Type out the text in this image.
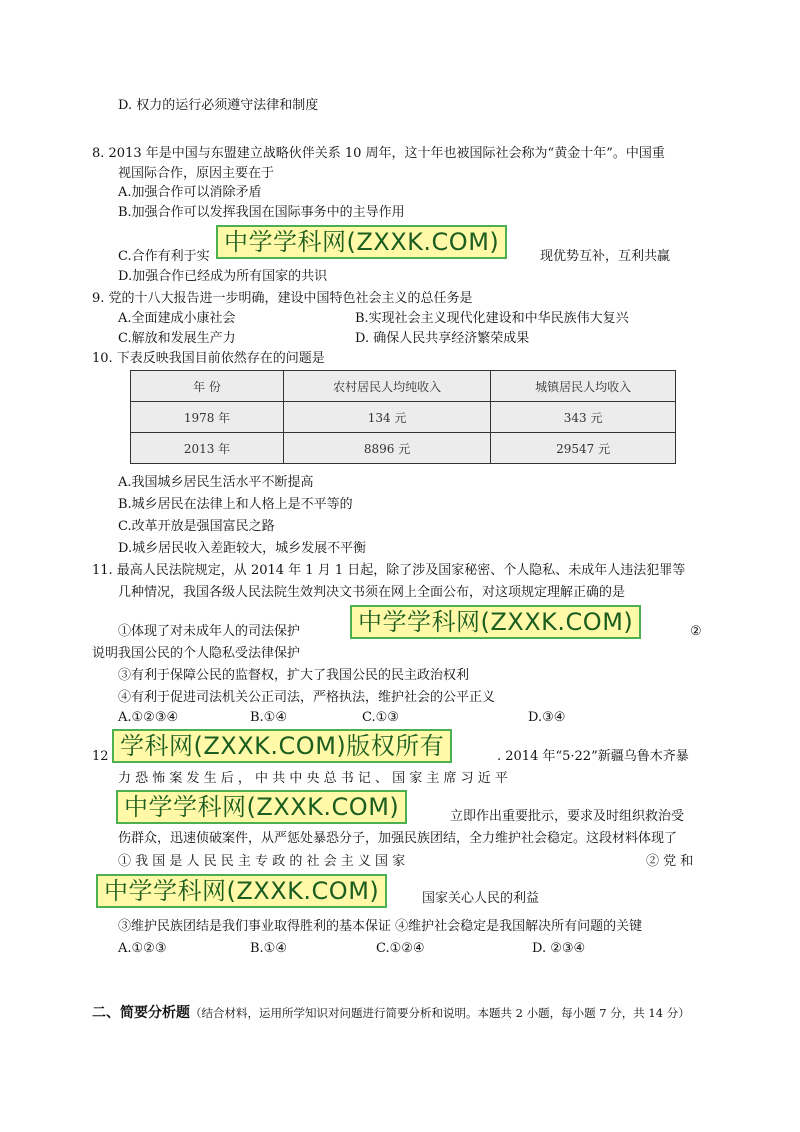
D. 权力的运行必须遵守法律和制度
8. 2013 年是中国与东盟建立战略伙伴关系 10 周年，这十年也被国际社会称为“黄金十年”。中国重
视国际合作，原因主要在于
A.加强合作可以消除矛盾
B.加强合作可以发挥我国在国际事务中的主导作用
C.合作有利于实	现优势互补，互利共赢
D.加强合作已经成为所有国家的共识
中学学科网(ZXXK.COM)
9. 党的十八大报告进一步明确，建设中国特色社会主义的总任务是
A.全面建成小康社会	B.实现社会主义现代化建设和中华民族伟大复兴
C.解放和发展生产力	D. 确保人民共享经济繁荣成果
10. 下表反映我国目前依然存在的问题是
年 份	农村居民人均纯收入	城镇居民人均收入
1978 年	134 元	343 元
2013 年	8896 元	29547 元
A.我国城乡居民生活水平不断提高
B.城乡居民在法律上和人格上是不平等的
C.改革开放是强国富民之路
D.城乡居民收入差距较大，城乡发展不平衡
11. 最高人民法院规定，从 2014 年 1 月 1 日起，除了涉及国家秘密、个人隐私、未成年人违法犯罪等
几种情况，我国各级人民法院生效判决文书须在网上全面公布，对这项规定理解正确的是
①体现了对未成年人的司法保护	中学学科网(ZXXK.COM)	②
说明我国公民的个人隐私受法律保护
③有利于保障公民的监督权，扩大了我国公民的民主政治权利
④有利于促进司法机关公正司法，严格执法，维护社会的公平正义
A.①②③④	B.①④	C.①③	D.③④
12 学科网(ZXXK.COM)版权所有	. 2014 年“5·22”新疆乌鲁木齐暴
力 恐 怖 案 发 生 后 ， 中 共 中 央 总 书 记 、 国 家 主 席 习 近 平
中学学科网(ZXXK.COM)	立即作出重要批示，要求及时组织救治受
伤群众，迅速侦破案件，从严惩处暴恐分子，加强民族团结，全力维护社会稳定。这段材料体现了
① 我 国 是 人 民 民 主 专 政 的 社 会 主 义 国 家	② 党 和
中学学科网(ZXXK.COM)	国家关心人民的利益
③维护民族团结是我们事业取得胜利的基本保证 ④维护社会稳定是我国解决所有问题的关键
A.①②③	B.①④	C.①②④	D. ②③④
二、简要分析题（结合材料，运用所学知识对问题进行简要分析和说明。本题共 2 小题，每小题 7 分，共 14 分）
